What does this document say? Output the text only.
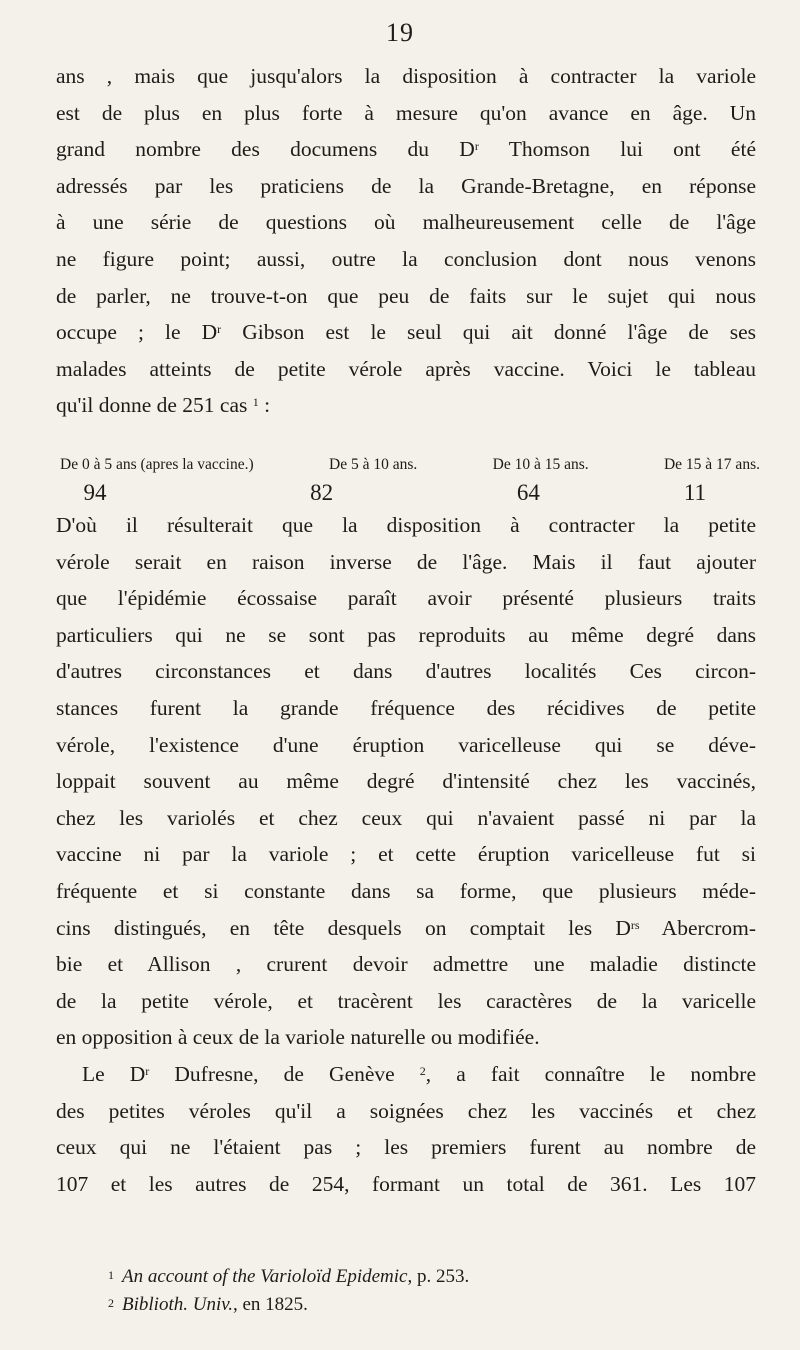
19
ans , mais que jusqu'alors la disposition à contracter la variole
est de plus en plus forte à mesure qu'on avance en âge. Un
grand nombre des documens du $D^r$ Thomson lui ont été
adressés par les praticiens de la Grande-Bretagne, en réponse
à une série de questions où malheureusement celle de l'âge
ne figure point; aussi, outre la conclusion dont nous venons
de parler, ne trouve-t-on que peu de faits sur le sujet qui nous
occupe ; le $D^r$ Gibson est le seul qui ait donné l'âge de ses
malades atteints de petite vérole après vaccine. Voici le tableau
qu'il donne de 251 cas $^1$ :
De 0 à 5 ans (apres la vaccine.)	De 5 à 10 ans.	De 10 à 15 ans.	De 15 à 17 ans.
94	82	64	11
D'où il résulterait que la disposition à contracter la petite
vérole serait en raison inverse de l'âge. Mais il faut ajouter
que l'épidémie écossaise paraît avoir présenté plusieurs traits
particuliers qui ne se sont pas reproduits au même degré dans
d'autres circonstances et dans d'autres localités Ces circon-
stances furent la grande fréquence des récidives de petite
vérole, l'existence d'une éruption varicelleuse qui se déve-
loppait souvent au même degré d'intensité chez les vaccinés,
chez les variolés et chez ceux qui n'avaient passé ni par la
vaccine ni par la variole ; et cette éruption varicelleuse fut si
fréquente et si constante dans sa forme, que plusieurs méde-
cins distingués, en tête desquels on comptait les $D^{rs}$ Abercrom-
bie et Allison , crurent devoir admettre une maladie distincte
de la petite vérole, et tracèrent les caractères de la varicelle
en opposition à ceux de la variole naturelle ou modifiée.
Le $D^r$ Dufresne, de Genève $^2$, a fait connaître le nombre
des petites véroles qu'il a soignées chez les vaccinés et chez
ceux qui ne l'étaient pas ; les premiers furent au nombre de
107 et les autres de 254, formant un total de 361. Les 107
$^1$ An account of the Varioloïd Epidemic, p. 253.
$^2$ Biblioth. Univ., en 1825.
